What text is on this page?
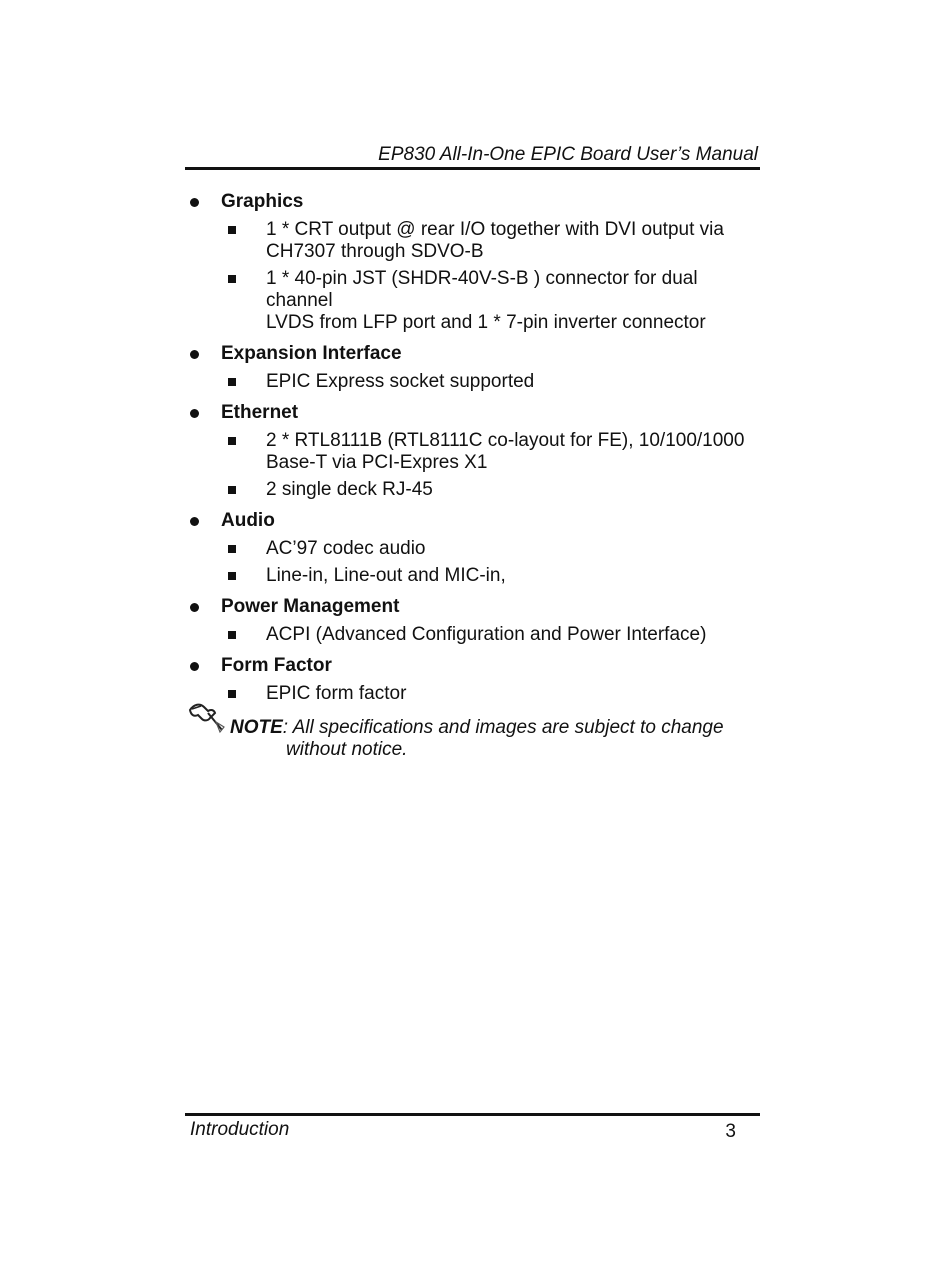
EP830 All-In-One EPIC Board User’s Manual
Graphics
1 * CRT output @ rear I/O together with DVI output via
CH7307 through SDVO-B
1 * 40-pin JST (SHDR-40V-S-B ) connector for dual channel
LVDS from LFP port and 1 * 7-pin inverter connector
Expansion Interface
EPIC Express socket supported
Ethernet
2 * RTL8111B (RTL8111C co-layout for FE), 10/100/1000
Base-T via PCI-Expres X1
2 single deck RJ-45
Audio
AC’97 codec audio
Line-in, Line-out and MIC-in,
Power Management
ACPI (Advanced Configuration and Power Interface)
Form Factor
EPIC form factor
NOTE: All specifications and images are subject to change
without notice.
Introduction	3
